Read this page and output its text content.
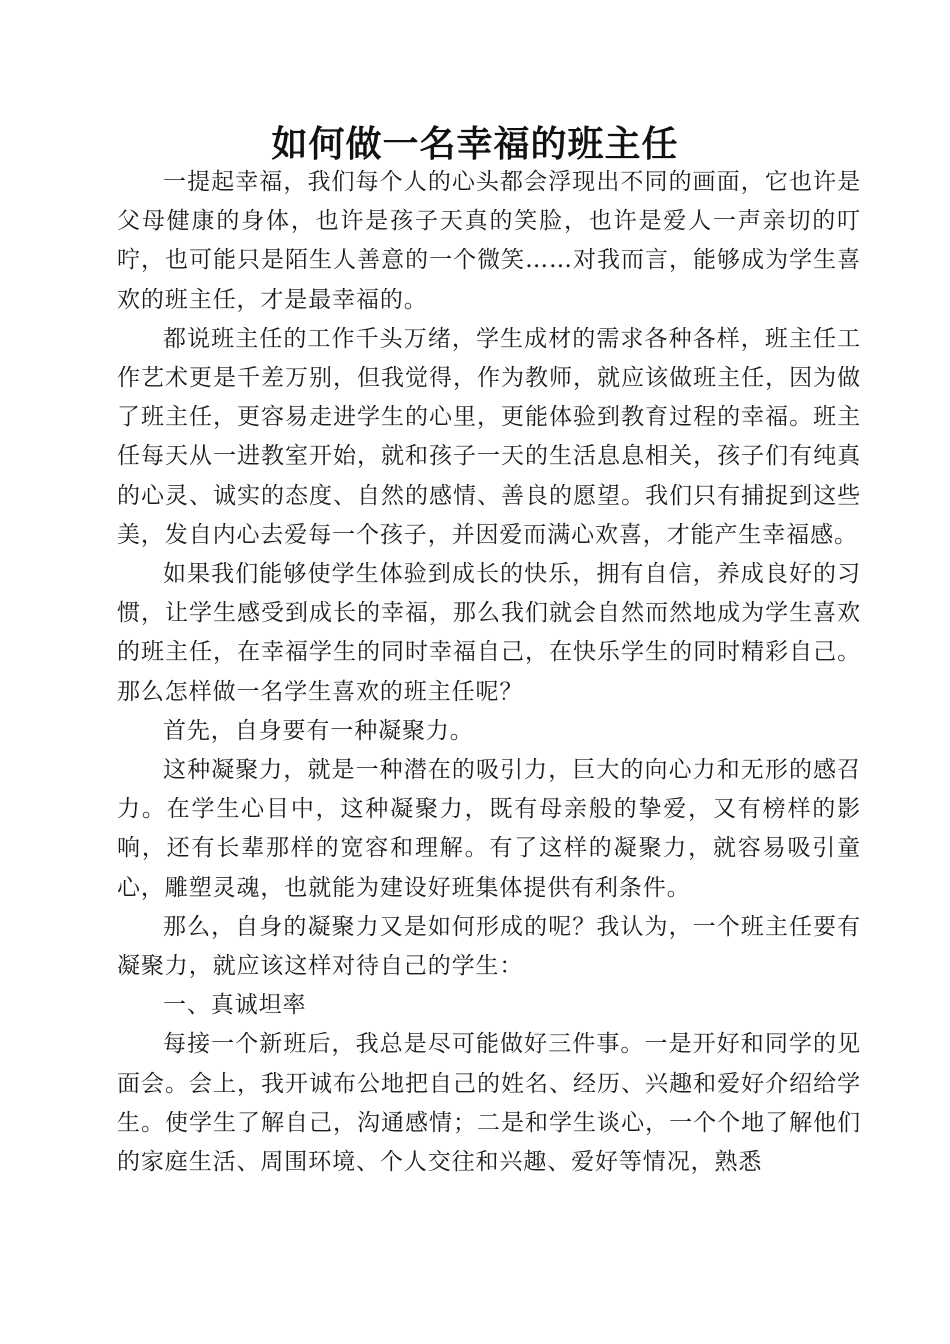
如何做一名幸福的班主任

一提起幸福，我们每个人的心头都会浮现出不同的画面，它也许是父母健康的身体，也许是孩子天真的笑脸，也许是爱人一声亲切的叮咛，也可能只是陌生人善意的一个微笑……对我而言，能够成为学生喜欢的班主任，才是最幸福的。

都说班主任的工作千头万绪，学生成材的需求各种各样，班主任工作艺术更是千差万别，但我觉得，作为教师，就应该做班主任，因为做了班主任，更容易走进学生的心里，更能体验到教育过程的幸福。班主任每天从一进教室开始，就和孩子一天的生活息息相关，孩子们有纯真的心灵、诚实的态度、自然的感情、善良的愿望。我们只有捕捉到这些美，发自内心去爱每一个孩子，并因爱而满心欢喜，才能产生幸福感。

如果我们能够使学生体验到成长的快乐，拥有自信，养成良好的习惯，让学生感受到成长的幸福，那么我们就会自然而然地成为学生喜欢的班主任，在幸福学生的同时幸福自己，在快乐学生的同时精彩自己。那么怎样做一名学生喜欢的班主任呢？

首先，自身要有一种凝聚力。

这种凝聚力，就是一种潜在的吸引力，巨大的向心力和无形的感召力。在学生心目中，这种凝聚力，既有母亲般的挚爱，又有榜样的影响，还有长辈那样的宽容和理解。有了这样的凝聚力，就容易吸引童心，雕塑灵魂，也就能为建设好班集体提供有利条件。

那么，自身的凝聚力又是如何形成的呢？我认为，一个班主任要有凝聚力，就应该这样对待自己的学生：

一、真诚坦率

每接一个新班后，我总是尽可能做好三件事。一是开好和同学的见面会。会上，我开诚布公地把自己的姓名、经历、兴趣和爱好介绍给学生。使学生了解自己，沟通感情；二是和学生谈心，一个个地了解他们的家庭生活、周围环境、个人交往和兴趣、爱好等情况，熟悉
